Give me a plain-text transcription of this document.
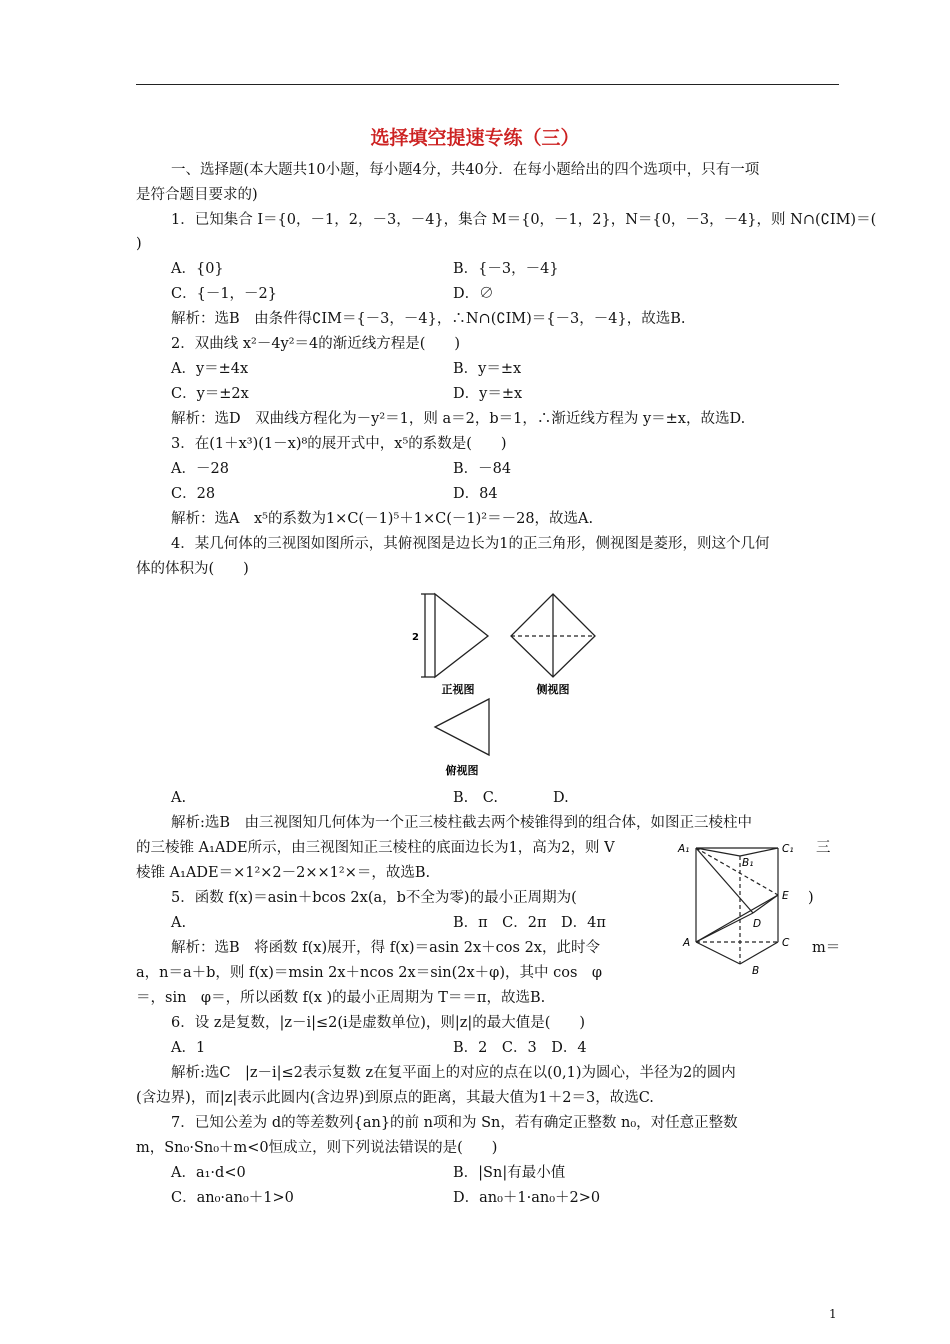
选择填空提速专练（三）
一、选择题(本大题共10小题，每小题4分，共40分．在每小题给出的四个选项中，只有一项
是符合题目要求的)
1．已知集合 I＝{0，－1，2，－3，－4}，集合 M＝{0，－1，2}，N＝{0，－3，－4}，则 N∩(∁IM)＝(
)
A．{0}	B．{－3，－4}
C．{－1，－2}	D．∅
解析：选B　由条件得∁IM＝{－3，－4}，∴N∩(∁IM)＝{－3，－4}，故选B.
2．双曲线 x²－4y²＝4的渐近线方程是(　　)
A．y＝±4x	B．y＝±x
C．y＝±2x	D．y＝±x
解析：选D　双曲线方程化为－y²＝1，则 a＝2，b＝1，∴渐近线方程为 y＝±x，故选D.
3．在(1＋x³)(1－x)⁸的展开式中，x⁵的系数是(　　)
A．－28	B．－84
C．28	D．84
解析：选A　x⁵的系数为1×C(－1)⁵＋1×C(－1)²＝－28，故选A.
4．某几何体的三视图如图所示，其俯视图是边长为1的正三角形，侧视图是菱形，则这个几何
体的体积为(　　)
2
正视图	侧视图
俯视图
A.	B.　C.	D.
解析:选B　由三视图知几何体为一个正三棱柱截去两个棱锥得到的组合体，如图正三棱柱中
的三棱锥 A₁ADE所示，由三视图知正三棱柱的底面边长为1，高为2，则 V	三
棱锥 A₁ADE＝×1²×2－2××1²×＝，故选B.
A₁
B₁
C₁
E
D
A	C
B
5．函数 f(x)＝asin＋bcos 2x(a，b不全为零)的最小正周期为(	)
A.	B．π　C．2π　D．4π
解析：选B　将函数 f(x)展开，得 f(x)＝asin 2x＋cos 2x，此时令	m＝
a，n＝a＋b，则 f(x)＝msin 2x＋ncos 2x＝sin(2x＋φ)，其中 cos　φ
＝，sin　φ＝，所以函数 f(x )的最小正周期为 T＝＝π，故选B.
6．设 z是复数，|z－i|≤2(i是虚数单位)，则|z|的最大值是(　　)
A．1	B．2　C．3　D．4
解析:选C　|z－i|≤2表示复数 z在复平面上的对应的点在以(0,1)为圆心，半径为2的圆内
(含边界)，而|z|表示此圆内(含边界)到原点的距离，其最大值为1＋2＝3，故选C.
7．已知公差为 d的等差数列{an}的前 n项和为 Sn，若有确定正整数 n₀，对任意正整数
m，Sn₀·Sn₀＋m<0恒成立，则下列说法错误的是(　　)
A．a₁·d<0	B．|Sn|有最小值
C．an₀·an₀＋1>0	D．an₀＋1·an₀＋2>0
1
